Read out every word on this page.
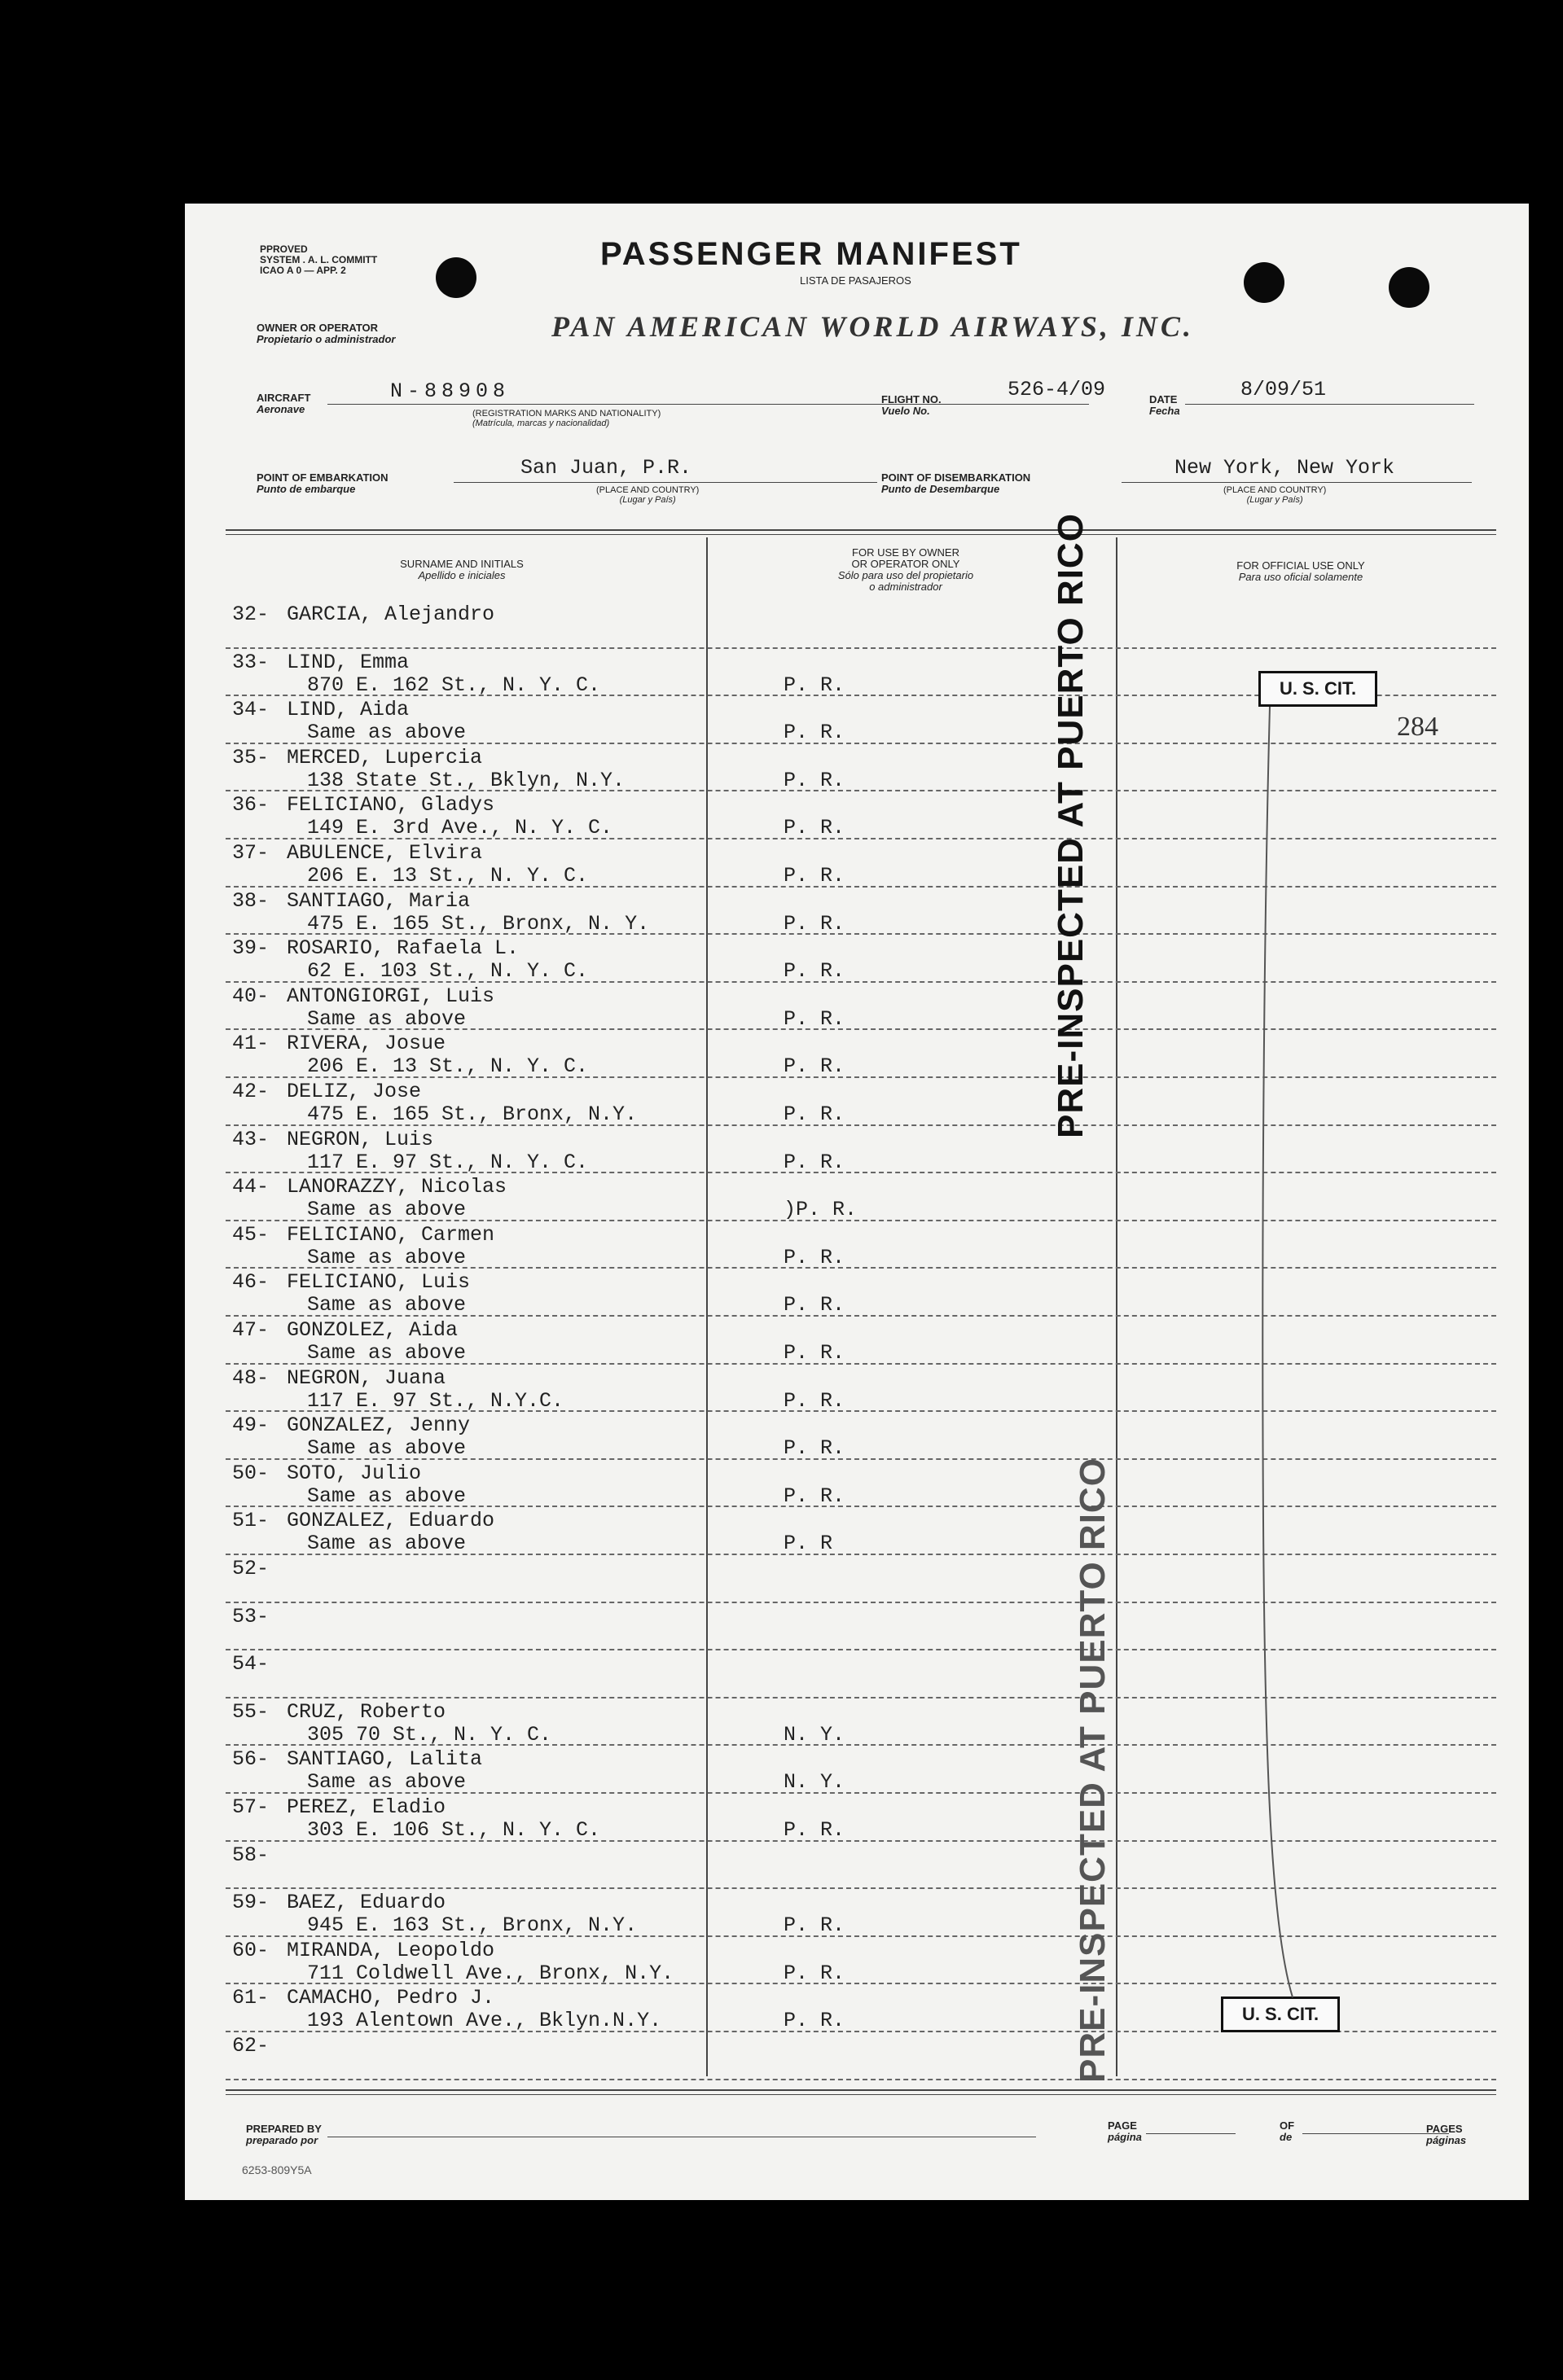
PPROVED
SYSTEM . A. L. COMMITT
ICAO A 0 — APP. 2	PASSENGER MANIFEST
LISTA DE PASAJEROS
OWNER OR OPERATOR
Propietario o administrador	PAN AMERICAN WORLD AIRWAYS, INC.
AIRCRAFT
Aeronave
N-88908
(REGISTRATION MARKS AND NATIONALITY)
(Matrícula, marcas y nacionalidad)
FLIGHT NO.
Vuelo No.
526-4/09	DATE
Fecha
8/09/51
POINT OF EMBARKATION
Punto de embarque
San Juan, P.R.
(PLACE AND COUNTRY)
(Lugar y País)
POINT OF DISEMBARKATION
Punto de Desembarque
New York, New York
(PLACE AND COUNTRY)
(Lugar y País)
SURNAME AND INITIALS
Apellido e iniciales
FOR USE BY OWNER
OR OPERATOR ONLY
Sólo para uso del propietario
o administrador
FOR OFFICIAL USE ONLY
Para uso oficial solamente
32- GARCIA, Alejandro
33- LIND, Emma
870 E. 162 St., N. Y. C.	P. R.
34- LIND, Aida
Same as above	P. R.
35- MERCED, Lupercia
138 State St., Bklyn, N.Y.	P. R.
36- FELICIANO, Gladys
149 E. 3rd Ave., N. Y. C.	P. R.
37- ABULENCE, Elvira
206 E. 13 St., N. Y. C.	P. R.
38- SANTIAGO, Maria
475 E. 165 St., Bronx, N. Y.	P. R.
39- ROSARIO, Rafaela L.
62 E. 103 St., N. Y. C.	P. R.
40- ANTONGIORGI, Luis
Same as above	P. R.
41- RIVERA, Josue
206 E. 13 St., N. Y. C.	P. R.
42- DELIZ, Jose
475 E. 165 St., Bronx, N.Y.	P. R.
43- NEGRON, Luis
117 E. 97 St., N. Y. C.	P. R.
44- LANORAZZY, Nicolas
Same as above	)P. R.
45- FELICIANO, Carmen
Same as above	P. R.
46- FELICIANO, Luis
Same as above	P. R.
47- GONZOLEZ, Aida
Same as above	P. R.
48- NEGRON, Juana
117 E. 97 St., N.Y.C.	P. R.
49- GONZALEZ, Jenny
Same as above	P. R.
50- SOTO, Julio
Same as above	P. R.
51- GONZALEZ, Eduardo
Same as above	P. R
52-
53-
54-
55- CRUZ, Roberto
305 70 St., N. Y. C.	N. Y.
56- SANTIAGO, Lalita
Same as above	N. Y.
57- PEREZ, Eladio
303 E. 106 St., N. Y. C.	P. R.
58-
59- BAEZ, Eduardo
945 E. 163 St., Bronx, N.Y.	P. R.
60- MIRANDA, Leopoldo
711 Coldwell Ave., Bronx, N.Y.	P. R.
61- CAMACHO, Pedro J.
193 Alentown Ave., Bklyn.N.Y.	P. R.
62-
PRE-INSPECTED AT PUERTO RICO
PRE-INSPECTED AT PUERTO RICO
U. S. CIT.
284
U. S. CIT.
PREPARED BY
preparado por
PAGE
página
OF
de
PAGES
páginas
6253-809Y5A
